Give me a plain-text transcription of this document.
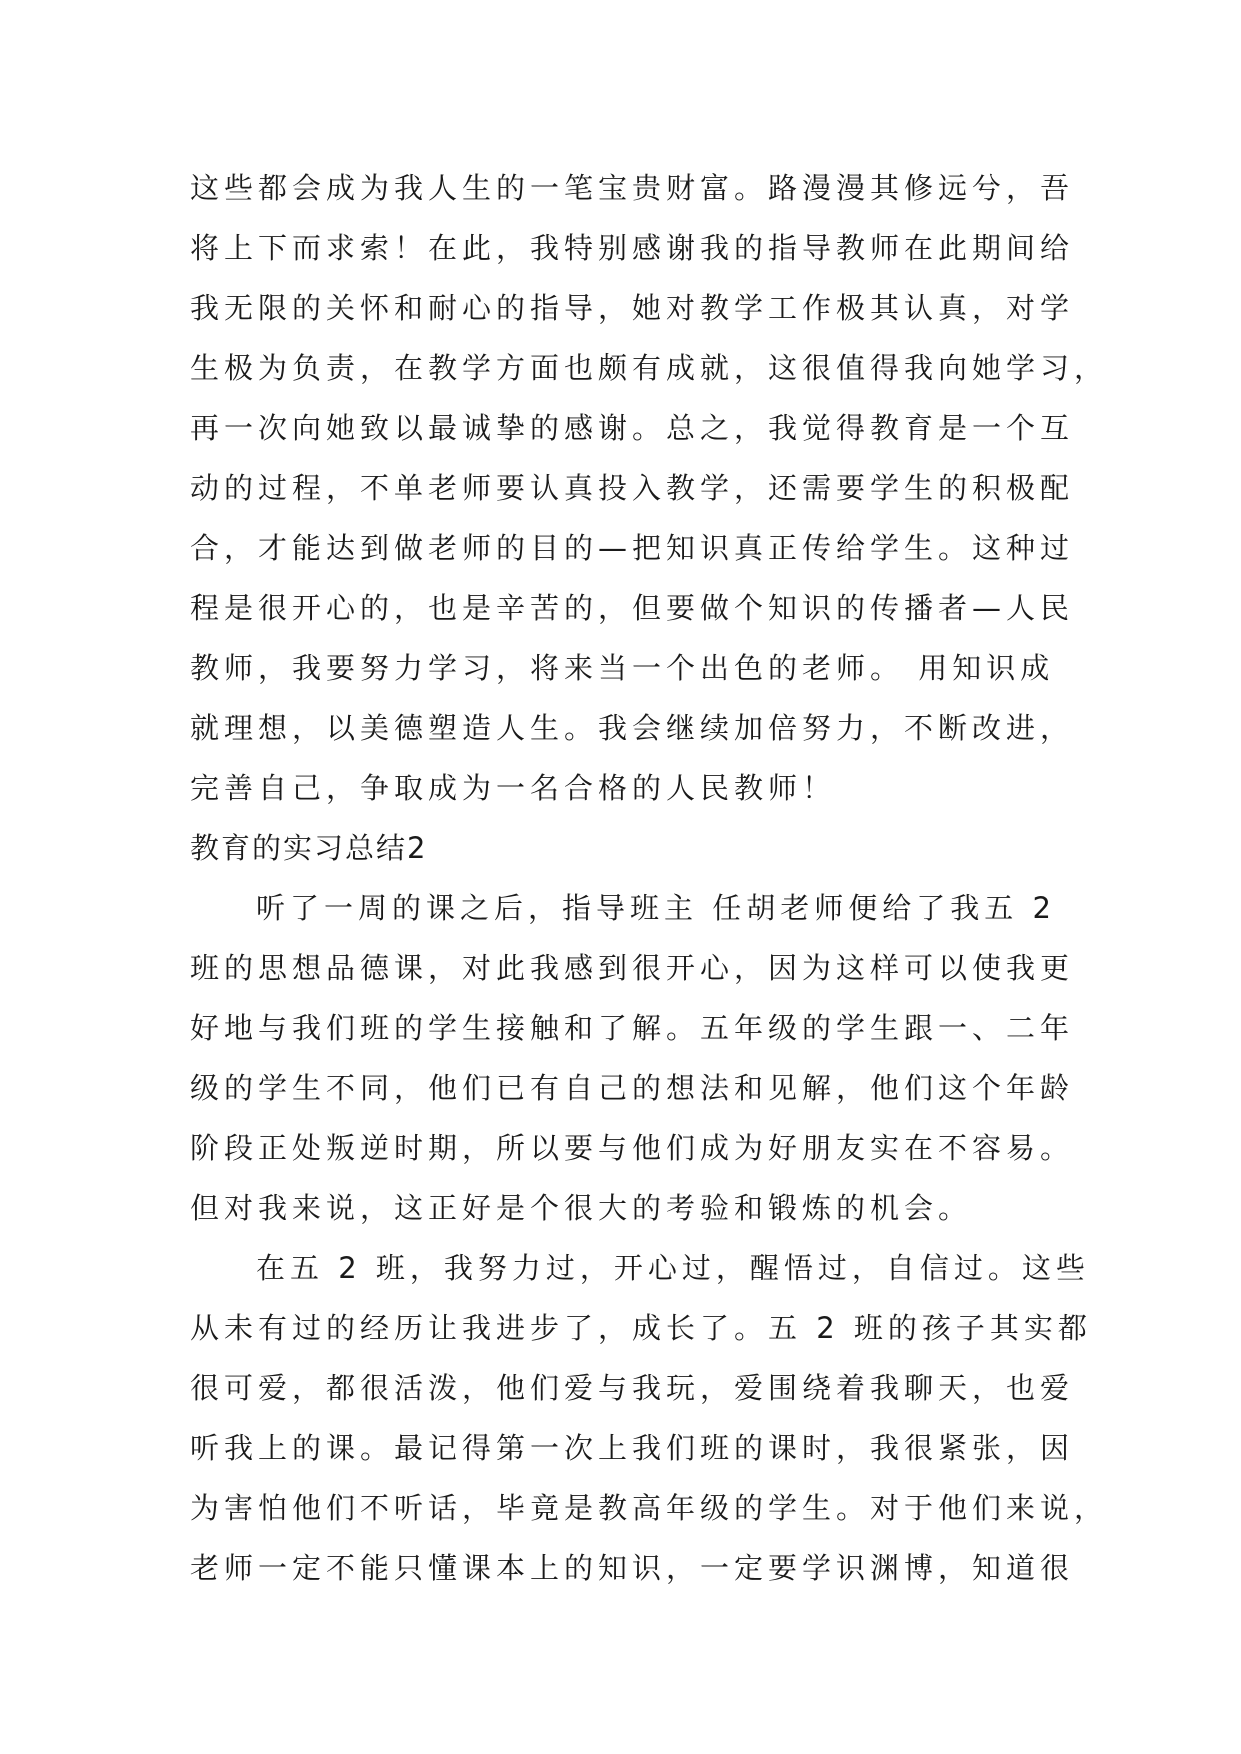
这些都会成为我人生的一笔宝贵财富。路漫漫其修远兮，吾
将上下而求索！在此，我特别感谢我的指导教师在此期间给
我无限的关怀和耐心的指导，她对教学工作极其认真，对学
生极为负责，在教学方面也颇有成就，这很值得我向她学习，
再一次向她致以最诚挚的感谢。总之，我觉得教育是一个互
动的过程，不单老师要认真投入教学，还需要学生的积极配
合，才能达到做老师的目的—把知识真正传给学生。这种过
程是很开心的，也是辛苦的，但要做个知识的传播者—人民
教师，我要努力学习，将来当一个出色的老师。 用知识成
就理想，以美德塑造人生。我会继续加倍努力，不断改进，
完善自己，争取成为一名合格的人民教师！
教育的实习总结2
听了一周的课之后，指导班主 任胡老师便给了我五 2
班的思想品德课，对此我感到很开心，因为这样可以使我更
好地与我们班的学生接触和了解。五年级的学生跟一、二年
级的学生不同，他们已有自己的想法和见解，他们这个年龄
阶段正处叛逆时期，所以要与他们成为好朋友实在不容易。
但对我来说，这正好是个很大的考验和锻炼的机会。
在五 2 班，我努力过，开心过，醒悟过，自信过。这些
从未有过的经历让我进步了，成长了。五 2 班的孩子其实都
很可爱，都很活泼，他们爱与我玩，爱围绕着我聊天，也爱
听我上的课。最记得第一次上我们班的课时，我很紧张，因
为害怕他们不听话，毕竟是教高年级的学生。对于他们来说，
老师一定不能只懂课本上的知识，一定要学识渊博，知道很
